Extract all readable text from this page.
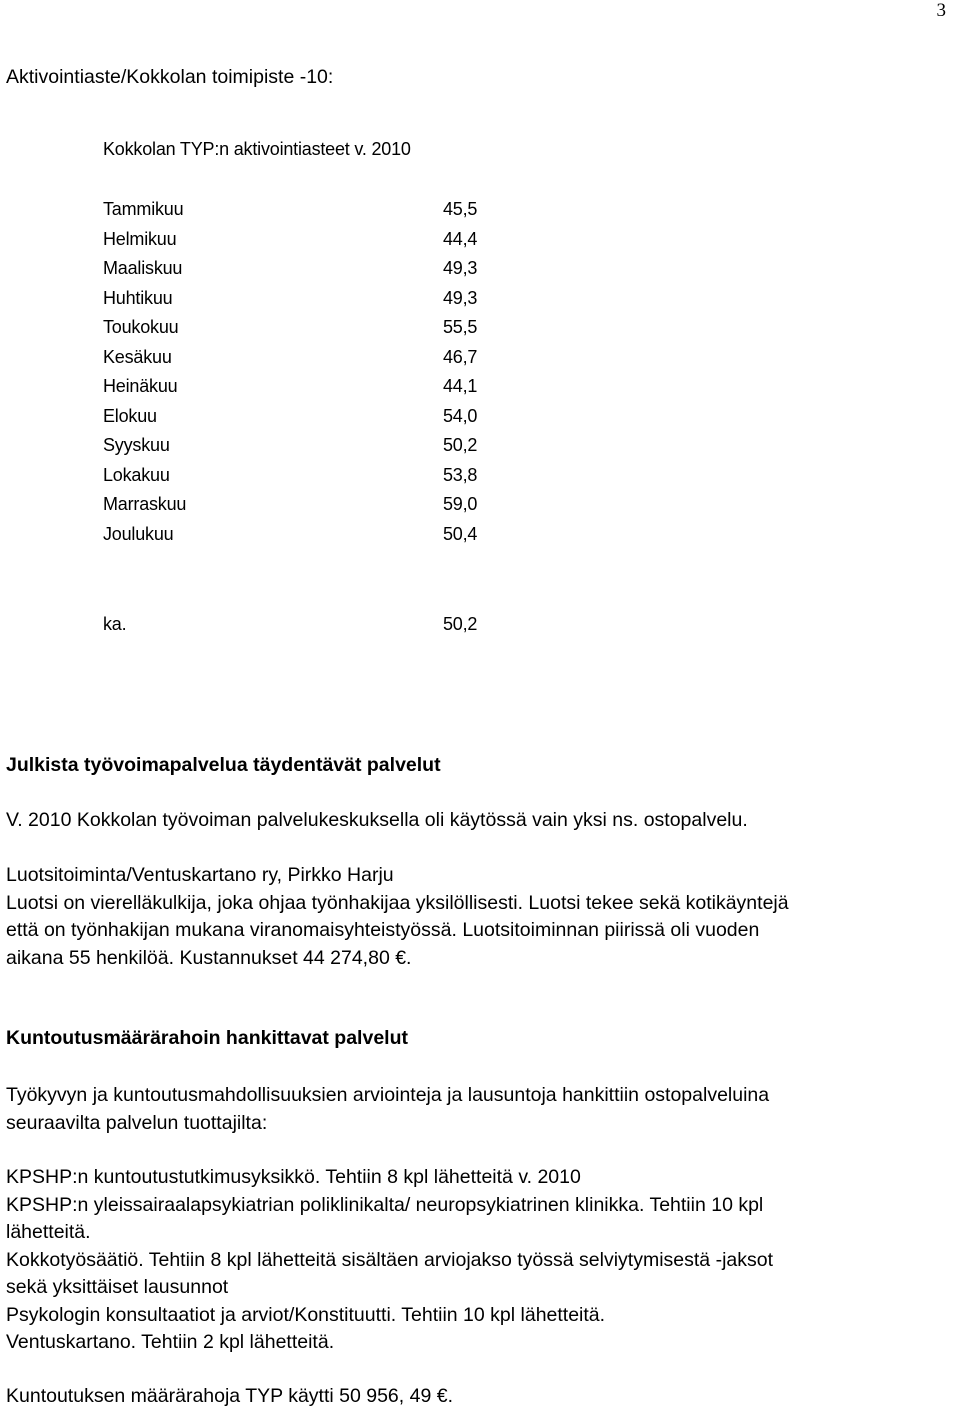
3
Aktivointiaste/Kokkolan toimipiste -10:
Kokkolan TYP:n aktivointiasteet v. 2010
Tammikuu	45,5
Helmikuu	44,4
Maaliskuu	49,3
Huhtikuu	49,3
Toukokuu	55,5
Kesäkuu	46,7
Heinäkuu	44,1
Elokuu	54,0
Syyskuu	50,2
Lokakuu	53,8
Marraskuu	59,0
Joulukuu	50,4
ka.	50,2
Julkista työvoimapalvelua täydentävät palvelut
V. 2010 Kokkolan työvoiman palvelukeskuksella oli käytössä vain yksi ns. ostopalvelu.
Luotsitoiminta/Ventuskartano ry, Pirkko Harju
Luotsi on vierelläkulkija, joka ohjaa työnhakijaa yksilöllisesti. Luotsi tekee sekä kotikäyntejä
että on työnhakijan mukana viranomaisyhteistyössä. Luotsitoiminnan piirissä oli vuoden
aikana 55 henkilöä. Kustannukset 44 274,80 €.
Kuntoutusmäärärahoin hankittavat palvelut
Työkyvyn ja kuntoutusmahdollisuuksien arviointeja ja lausuntoja hankittiin ostopalveluina
seuraavilta palvelun tuottajilta:
KPSHP:n kuntoutustutkimusyksikkö. Tehtiin 8 kpl lähetteitä v. 2010
KPSHP:n yleissairaalapsykiatrian poliklinikalta/ neuropsykiatrinen klinikka. Tehtiin 10 kpl
lähetteitä.
Kokkotyösäätiö. Tehtiin 8 kpl lähetteitä sisältäen arviojakso työssä selviytymisestä -jaksot
sekä yksittäiset lausunnot
Psykologin konsultaatiot ja arviot/Konstituutti. Tehtiin 10 kpl lähetteitä.
Ventuskartano. Tehtiin 2 kpl lähetteitä.
Kuntoutuksen määrärahoja TYP käytti 50 956, 49 €.
